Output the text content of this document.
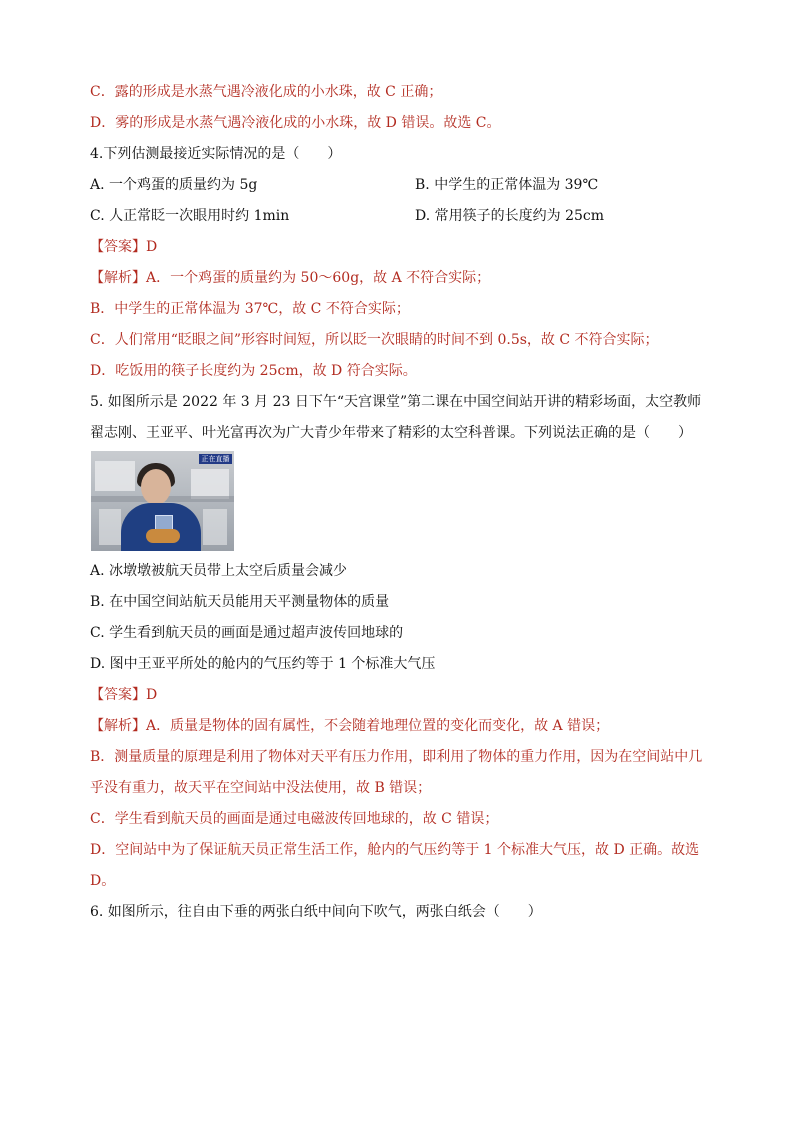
C．露的形成是水蒸气遇冷液化成的小水珠，故 C 正确；
D．雾的形成是水蒸气遇冷液化成的小水珠，故 D 错误。故选 C。
4.下列估测最接近实际情况的是（　　）
A. 一个鸡蛋的质量约为 5g	B. 中学生的正常体温为 39℃
C. 人正常眨一次眼用时约 1min	D. 常用筷子的长度约为 25cm
【答案】D
【解析】A．一个鸡蛋的质量约为 50～60g，故 A 不符合实际；
B．中学生的正常体温为 37℃，故 C 不符合实际；
C．人们常用“眨眼之间”形容时间短，所以眨一次眼睛的时间不到 0.5s，故 C 不符合实际；
D．吃饭用的筷子长度约为 25cm，故 D 符合实际。
5. 如图所示是 2022 年 3 月 23 日下午“天宫课堂”第二课在中国空间站开讲的精彩场面，太空教师
翟志刚、王亚平、叶光富再次为广大青少年带来了精彩的太空科普课。下列说法正确的是（　　）
正在直播
A. 冰墩墩被航天员带上太空后质量会减少
B. 在中国空间站航天员能用天平测量物体的质量
C. 学生看到航天员的画面是通过超声波传回地球的
D. 图中王亚平所处的舱内的气压约等于 1 个标准大气压
【答案】D
【解析】A．质量是物体的固有属性，不会随着地理位置的变化而变化，故 A 错误；
B．测量质量的原理是利用了物体对天平有压力作用，即利用了物体的重力作用，因为在空间站中几
乎没有重力，故天平在空间站中没法使用，故 B 错误；
C．学生看到航天员的画面是通过电磁波传回地球的，故 C 错误；
D．空间站中为了保证航天员正常生活工作，舱内的气压约等于 1 个标准大气压，故 D 正确。故选
D。
6. 如图所示，往自由下垂的两张白纸中间向下吹气，两张白纸会（　　）
